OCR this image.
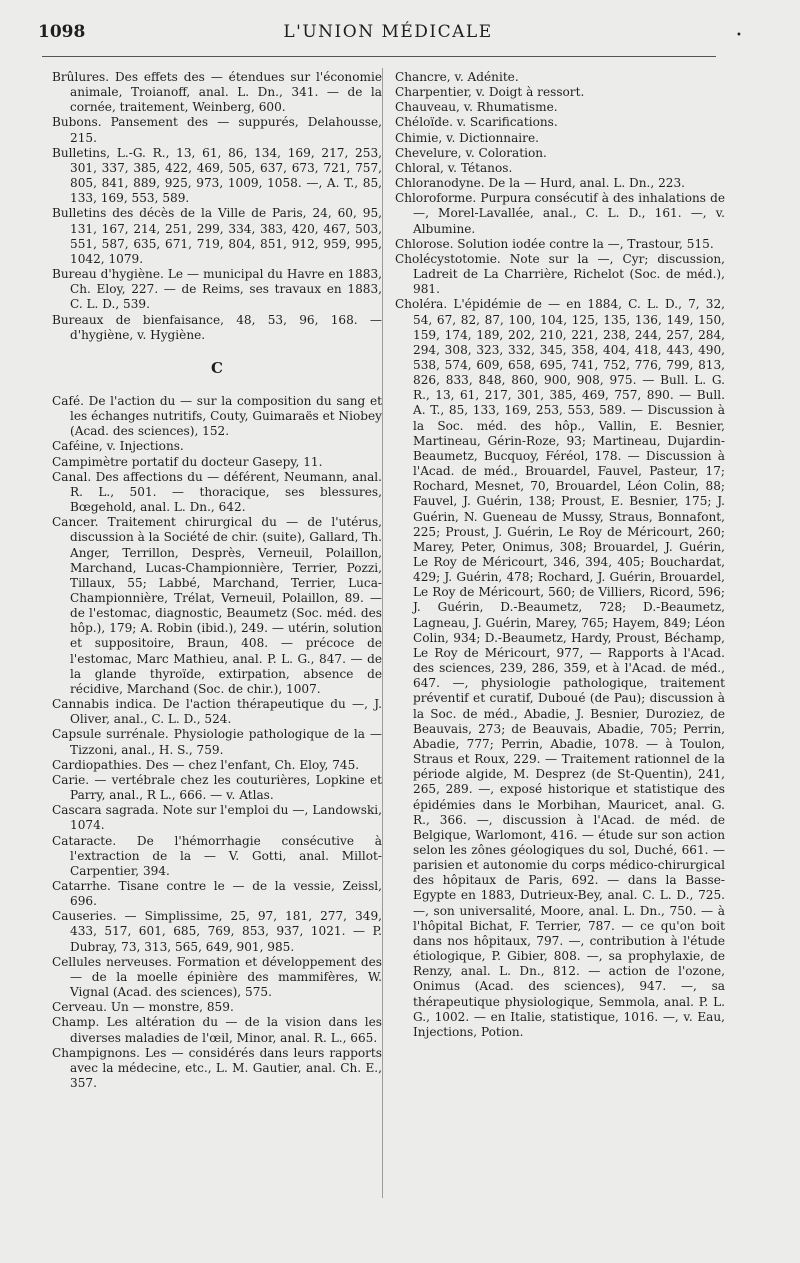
1098	L'UNION MÉDICALE	•

Brûlures. Des effets des — étendues sur l'économie animale, Troianoff, anal. L. Dn., 341. — de la cornée, traitement, Weinberg, 600.

Bubons. Pansement des — suppurés, Delahousse, 215.

Bulletins, L.-G. R., 13, 61, 86, 134, 169, 217, 253, 301, 337, 385, 422, 469, 505, 637, 673, 721, 757, 805, 841, 889, 925, 973, 1009, 1058. —, A. T., 85, 133, 169, 553, 589.

Bulletins des décès de la Ville de Paris, 24, 60, 95, 131, 167, 214, 251, 299, 334, 383, 420, 467, 503, 551, 587, 635, 671, 719, 804, 851, 912, 959, 995, 1042, 1079.

Bureau d'hygiène. Le — municipal du Havre en 1883, Ch. Eloy, 227. — de Reims, ses travaux en 1883, C. L. D., 539.

Bureaux de bienfaisance, 48, 53, 96, 168. — d'hygiène, v. Hygiène.

C

Café. De l'action du — sur la composition du sang et les échanges nutritifs, Couty, Guimaraës et Niobey (Acad. des sciences), 152.

Caféine, v. Injections.

Campimètre portatif du docteur Gasepy, 11.

Canal. Des affections du — déférent, Neumann, anal. R. L., 501. — thoracique, ses blessures, Bœgehold, anal. L. Dn., 642.

Cancer. Traitement chirurgical du — de l'utérus, discussion à la Société de chir. (suite), Gallard, Th. Anger, Terrillon, Desprès, Verneuil, Polaillon, Marchand, Lucas-Championnière, Terrier, Pozzi, Tillaux, 55; Labbé, Marchand, Terrier, Luca-Championnière, Trélat, Verneuil, Polaillon, 89. — de l'estomac, diagnostic, Beaumetz (Soc. méd. des hôp.), 179; A. Robin (ibid.), 249. — utérin, solution et suppositoire, Braun, 408. — précoce de l'estomac, Marc Mathieu, anal. P. L. G., 847. — de la glande thyroïde, extirpation, absence de récidive, Marchand (Soc. de chir.), 1007.

Cannabis indica. De l'action thérapeutique du —, J. Oliver, anal., C. L. D., 524.

Capsule surrénale. Physiologie pathologique de la — Tizzoni, anal., H. S., 759.

Cardiopathies. Des — chez l'enfant, Ch. Eloy, 745.

Carie. — vertébrale chez les couturières, Lopkine et Parry, anal., R L., 666. — v. Atlas.

Cascara sagrada. Note sur l'emploi du —, Landowski, 1074.

Cataracte. De l'hémorrhagie consécutive à l'extraction de la — V. Gotti, anal. Millot-Carpentier, 394.

Catarrhe. Tisane contre le — de la vessie, Zeissl, 696.

Causeries. — Simplissime, 25, 97, 181, 277, 349, 433, 517, 601, 685, 769, 853, 937, 1021. — P. Dubray, 73, 313, 565, 649, 901, 985.

Cellules nerveuses. Formation et développement des — de la moelle épinière des mammifères, W. Vignal (Acad. des sciences), 575.

Cerveau. Un — monstre, 859.

Champ. Les altération du — de la vision dans les diverses maladies de l'œil, Minor, anal. R. L., 665.

Champignons. Les — considérés dans leurs rapports avec la médecine, etc., L. M. Gautier, anal. Ch. E., 357.

Chancre, v. Adénite.

Charpentier, v. Doigt à ressort.

Chauveau, v. Rhumatisme.

Chéloïde. v. Scarifications.

Chimie, v. Dictionnaire.

Chevelure, v. Coloration.

Chloral, v. Tétanos.

Chloranodyne. De la — Hurd, anal. L. Dn., 223.

Chloroforme. Purpura consécutif à des inhalations de —, Morel-Lavallée, anal., C. L. D., 161. —, v. Albumine.

Chlorose. Solution iodée contre la —, Trastour, 515.

Cholécystotomie. Note sur la —, Cyr; discussion, Ladreit de La Charrière, Richelot (Soc. de méd.), 981.

Choléra. L'épidémie de — en 1884, C. L. D., 7, 32, 54, 67, 82, 87, 100, 104, 125, 135, 136, 149, 150, 159, 174, 189, 202, 210, 221, 238, 244, 257, 284, 294, 308, 323, 332, 345, 358, 404, 418, 443, 490, 538, 574, 609, 658, 695, 741, 752, 776, 799, 813, 826, 833, 848, 860, 900, 908, 975. — Bull. L. G. R., 13, 61, 217, 301, 385, 469, 757, 890. — Bull. A. T., 85, 133, 169, 253, 553, 589. — Discussion à la Soc. méd. des hôp., Vallin, E. Besnier, Martineau, Gérin-Roze, 93; Martineau, Dujardin-Beaumetz, Bucquoy, Féréol, 178. — Discussion à l'Acad. de méd., Brouardel, Fauvel, Pasteur, 17; Rochard, Mesnet, 70, Brouardel, Léon Colin, 88; Fauvel, J. Guérin, 138; Proust, E. Besnier, 175; J. Guérin, N. Gueneau de Mussy, Straus, Bonnafont, 225; Proust, J. Guérin, Le Roy de Méricourt, 260; Marey, Peter, Onimus, 308; Brouardel, J. Guérin, Le Roy de Méricourt, 346, 394, 405; Bouchardat, 429; J. Guérin, 478; Rochard, J. Guérin, Brouardel, Le Roy de Méricourt, 560; de Villiers, Ricord, 596; J. Guérin, D.-Beaumetz, 728; D.-Beaumetz, Lagneau, J. Guérin, Marey, 765; Hayem, 849; Léon Colin, 934; D.-Beaumetz, Hardy, Proust, Béchamp, Le Roy de Méricourt, 977, — Rapports à l'Acad. des sciences, 239, 286, 359, et à l'Acad. de méd., 647. —, physiologie pathologique, traitement préventif et curatif, Duboué (de Pau); discussion à la Soc. de méd., Abadie, J. Besnier, Duroziez, de Beauvais, 273; de Beauvais, Abadie, 705; Perrin, Abadie, 777; Perrin, Abadie, 1078. — à Toulon, Straus et Roux, 229. — Traitement rationnel de la période algide, M. Desprez (de St-Quentin), 241, 265, 289. —, exposé historique et statistique des épidémies dans le Morbihan, Mauricet, anal. G. R., 366. —, discussion à l'Acad. de méd. de Belgique, Warlomont, 416. — étude sur son action selon les zônes géologiques du sol, Duché, 661. — parisien et autonomie du corps médico-chirurgical des hôpitaux de Paris, 692. — dans la Basse-Egypte en 1883, Dutrieux-Bey, anal. C. L. D., 725. —, son universalité, Moore, anal. L. Dn., 750. — à l'hôpital Bichat, F. Terrier, 787. — ce qu'on boit dans nos hôpitaux, 797. —, contribution à l'étude étiologique, P. Gibier, 808. —, sa prophylaxie, de Renzy, anal. L. Dn., 812. — action de l'ozone, Onimus (Acad. des sciences), 947. —, sa thérapeutique physiologique, Semmola, anal. P. L. G., 1002. — en Italie, statistique, 1016. —, v. Eau, Injections, Potion.
